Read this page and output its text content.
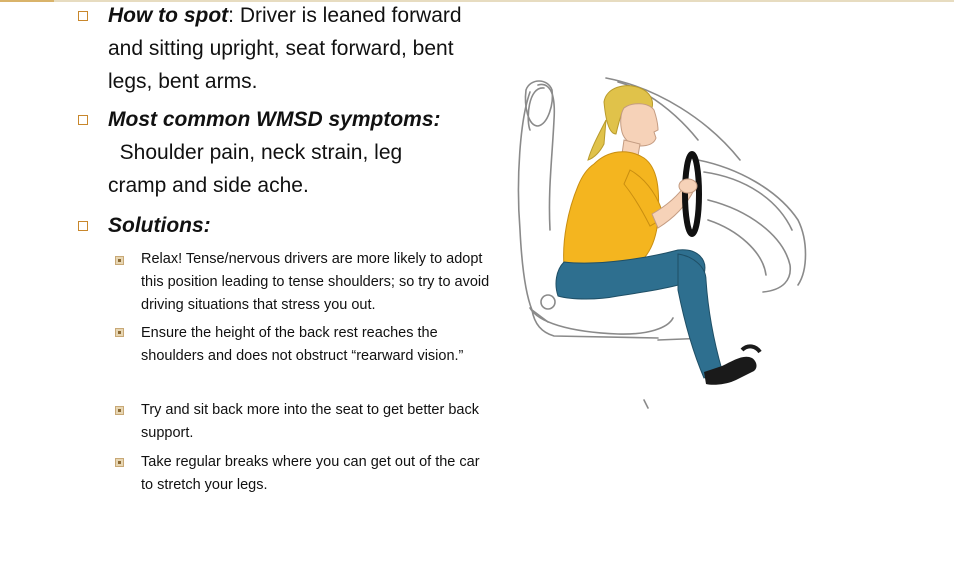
How to spot: Driver is leaned forward and sitting upright, seat forward, bent legs, bent arms.
Most common WMSD symptoms:  Shoulder pain, neck strain, leg cramp and side ache.
Solutions:
Relax! Tense/nervous drivers are more likely to adopt this position leading to tense shoulders; so try to avoid driving situations that stress you out.
Ensure the height of the back rest reaches the shoulders and does not obstruct “rearward vision.”
Try and sit back more into the seat to get better back support.
Take regular breaks where you can get out of the car to stretch your legs.
